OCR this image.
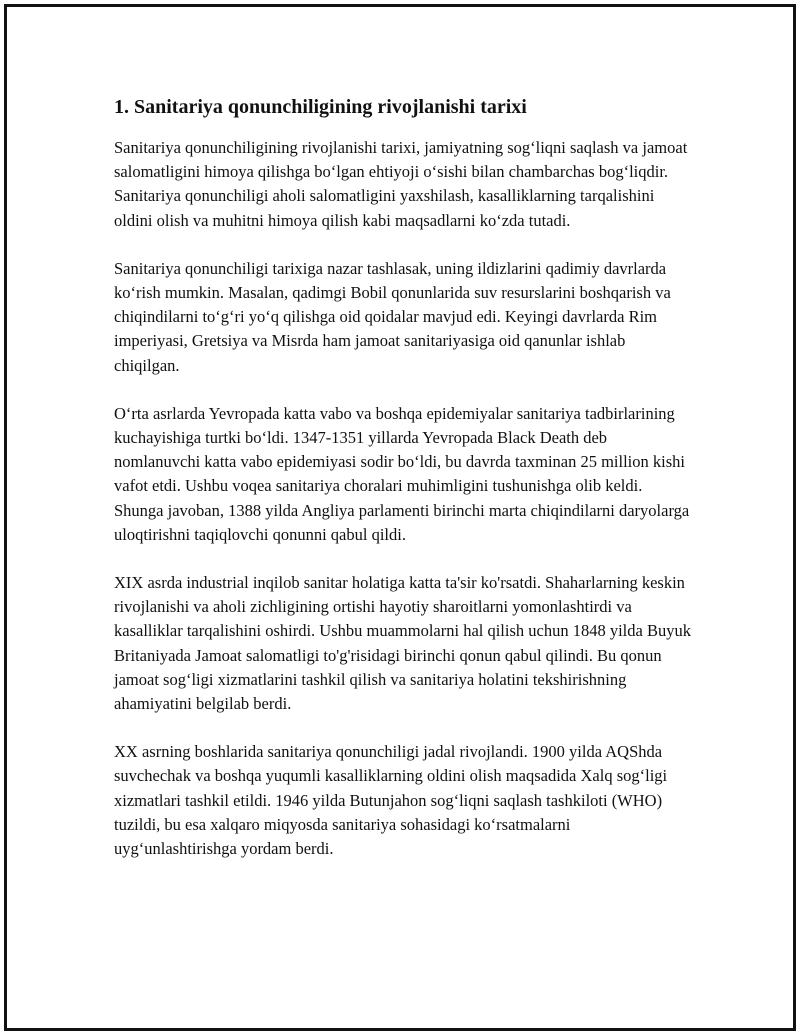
1. Sanitariya qonunchiligining rivojlanishi tarixi

Sanitariya qonunchiligining rivojlanishi tarixi, jamiyatning sog‘liqni saqlash va jamoat salomatligini himoya qilishga bo‘lgan ehtiyoji o‘sishi bilan chambarchas bog‘liqdir. Sanitariya qonunchiligi aholi salomatligini yaxshilash, kasalliklarning tarqalishini oldini olish va muhitni himoya qilish kabi maqsadlarni ko‘zda tutadi.

Sanitariya qonunchiligi tarixiga nazar tashlasak, uning ildizlarini qadimiy davrlarda ko‘rish mumkin. Masalan, qadimgi Bobil qonunlarida suv resurslarini boshqarish va chiqindilarni to‘g‘ri yo‘q qilishga oid qoidalar mavjud edi. Keyingi davrlarda Rim imperiyasi, Gretsiya va Misrda ham jamoat sanitariyasiga oid qanunlar ishlab chiqilgan.

O‘rta asrlarda Yevropada katta vabo va boshqa epidemiyalar sanitariya tadbirlarining kuchayishiga turtki bo‘ldi. 1347-1351 yillarda Yevropada Black Death deb nomlanuvchi katta vabo epidemiyasi sodir bo‘ldi, bu davrda taxminan 25 million kishi vafot etdi. Ushbu voqea sanitariya choralari muhimligini tushunishga olib keldi. Shunga javoban, 1388 yilda Angliya parlamenti birinchi marta chiqindilarni daryolarga uloqtirishni taqiqlovchi qonunni qabul qildi.

XIX asrda industrial inqilob sanitar holatiga katta ta'sir ko'rsatdi. Shaharlarning keskin rivojlanishi va aholi zichligining ortishi hayotiy sharoitlarni yomonlashtirdi va kasalliklar tarqalishini oshirdi. Ushbu muammolarni hal qilish uchun 1848 yilda Buyuk Britaniyada Jamoat salomatligi to'g'risidagi birinchi qonun qabul qilindi. Bu qonun jamoat sog‘ligi xizmatlarini tashkil qilish va sanitariya holatini tekshirishning ahamiyatini belgilab berdi.

XX asrning boshlarida sanitariya qonunchiligi jadal rivojlandi. 1900 yilda AQShda suvchechak va boshqa yuqumli kasalliklarning oldini olish maqsadida Xalq sog‘ligi xizmatlari tashkil etildi. 1946 yilda Butunjahon sog‘liqni saqlash tashkiloti (WHO) tuzildi, bu esa xalqaro miqyosda sanitariya sohasidagi ko‘rsatmalarni uyg‘unlashtirishga yordam berdi.
